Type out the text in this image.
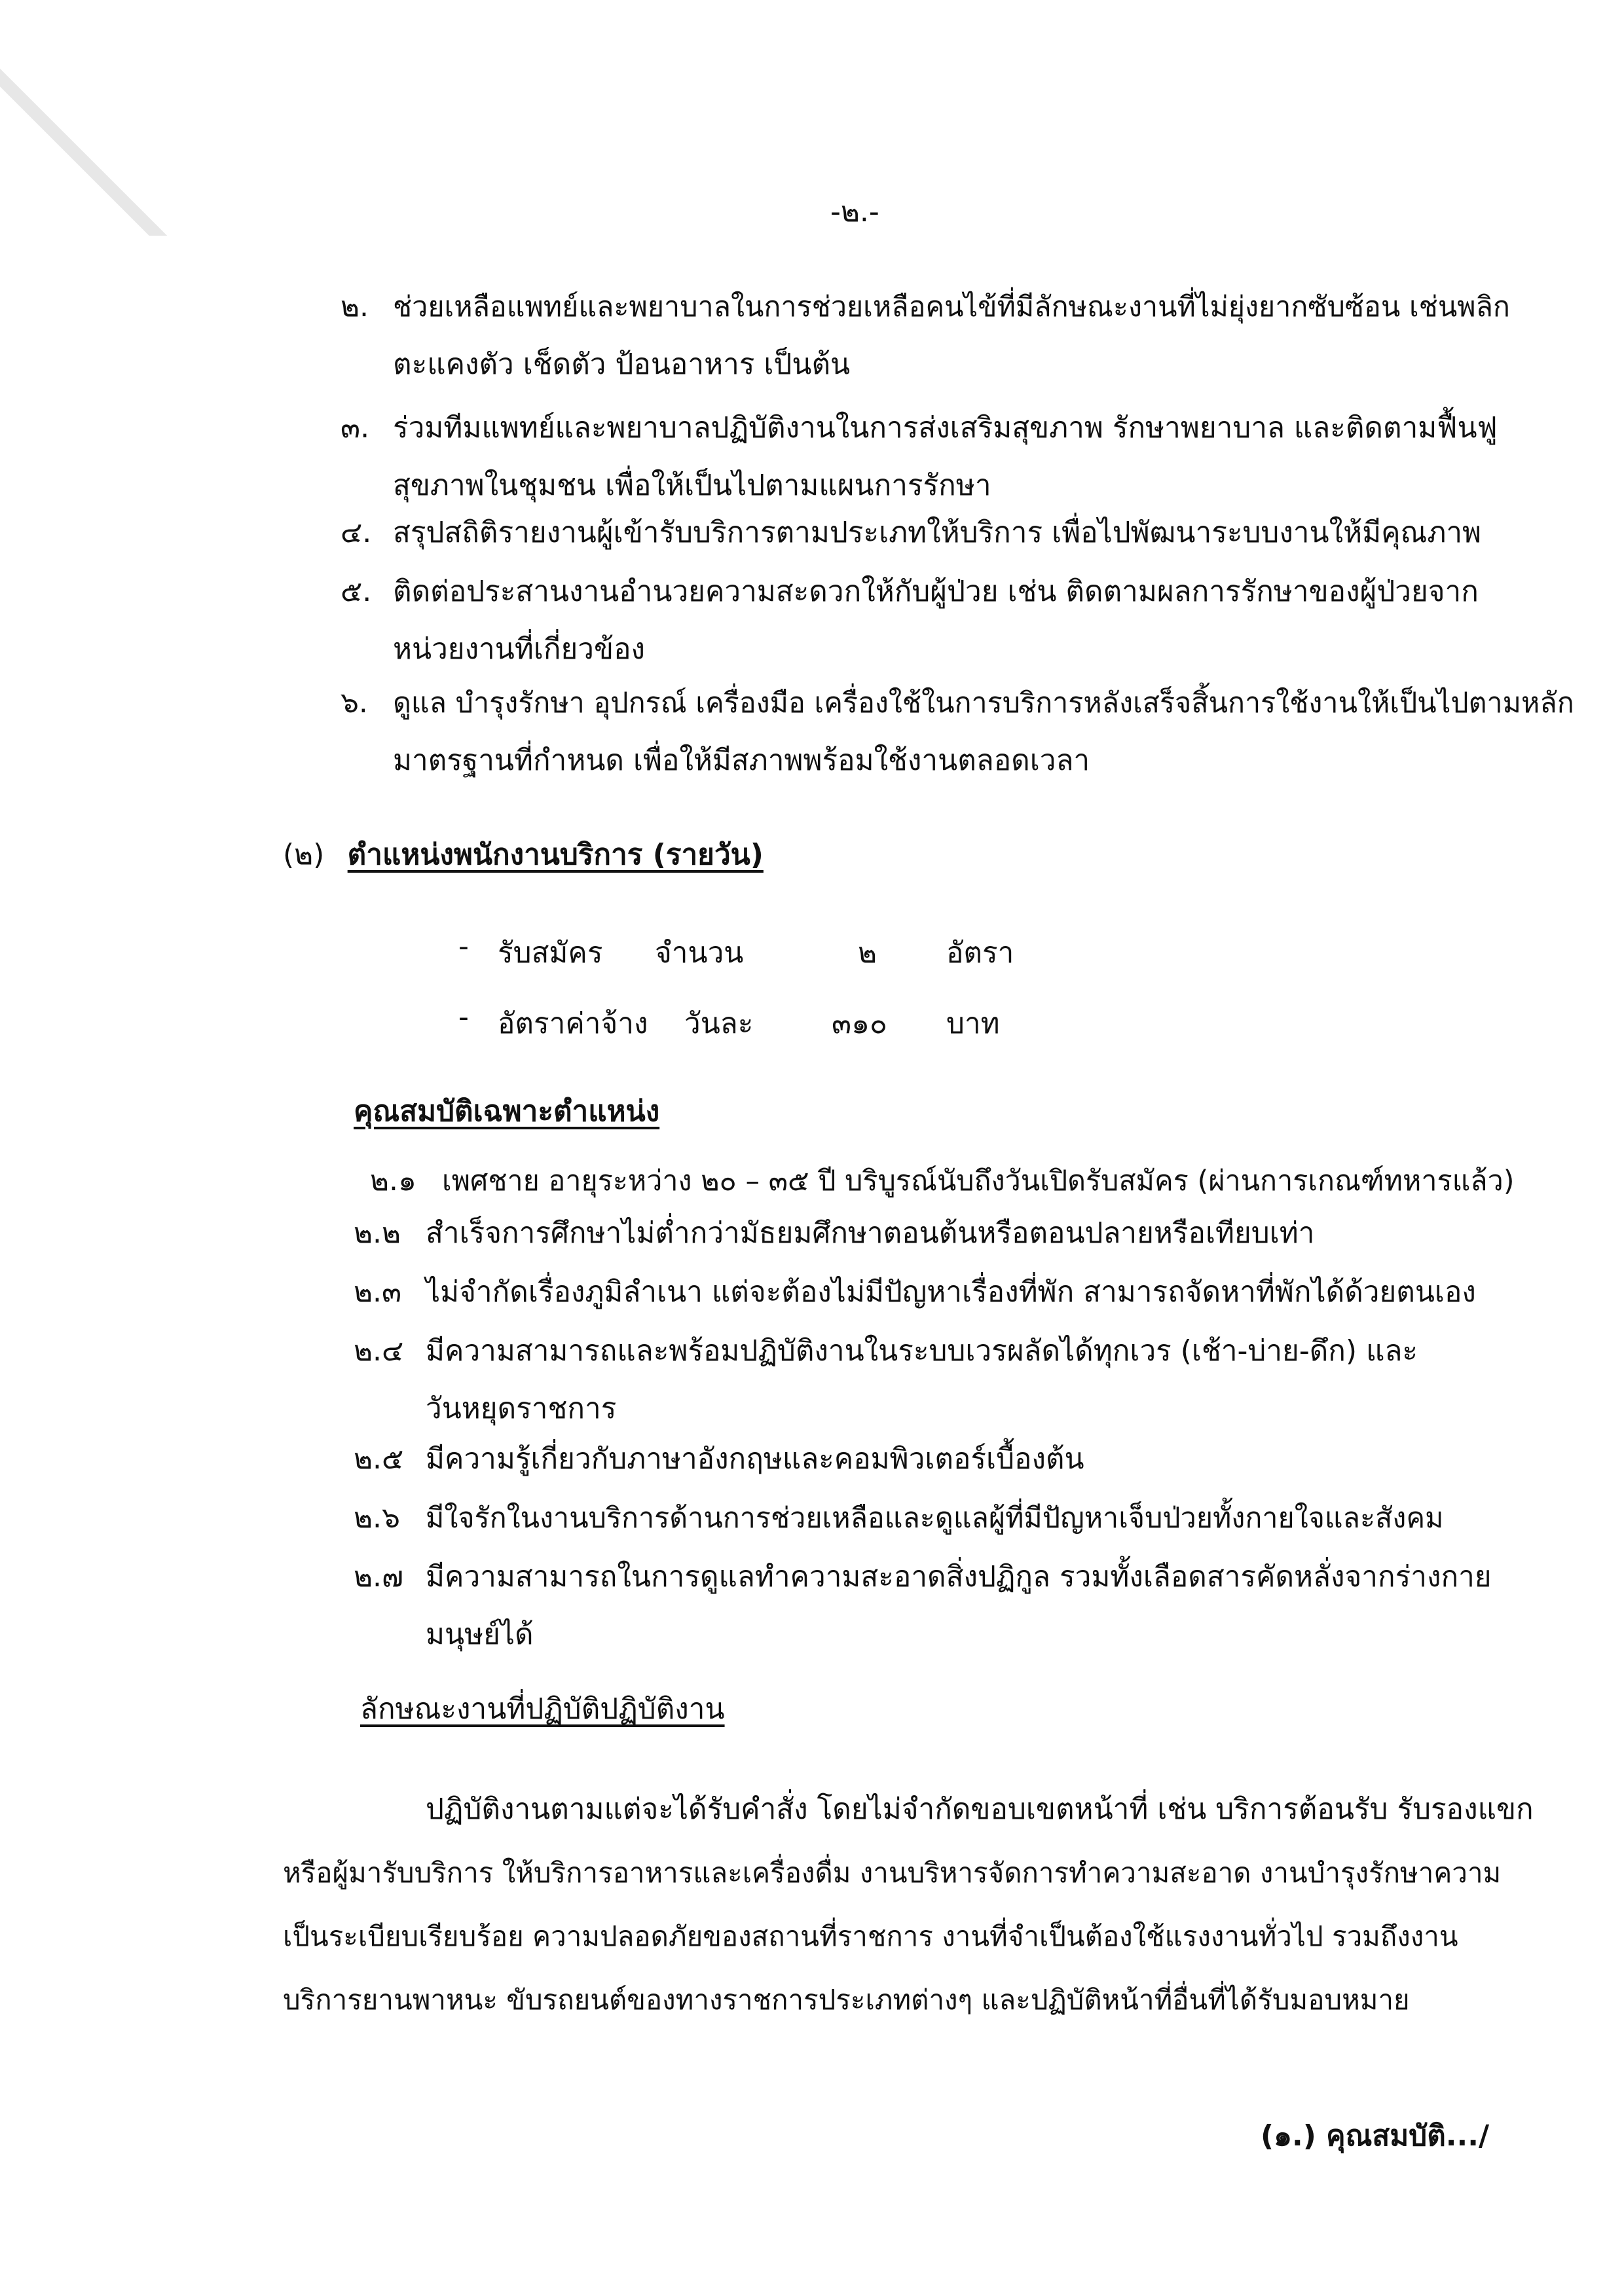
-๒.-
๒. ช่วยเหลือแพทย์และพยาบาลในการช่วยเหลือคนไข้ที่มีลักษณะงานที่ไม่ยุ่งยากซับซ้อน เช่นพลิก
ตะแคงตัว เช็ดตัว ป้อนอาหาร เป็นต้น
๓. ร่วมทีมแพทย์และพยาบาลปฏิบัติงานในการส่งเสริมสุขภาพ รักษาพยาบาล และติดตามฟื้นฟู
สุขภาพในชุมชน เพื่อให้เป็นไปตามแผนการรักษา
๔. สรุปสถิติรายงานผู้เข้ารับบริการตามประเภทให้บริการ เพื่อไปพัฒนาระบบงานให้มีคุณภาพ
๕. ติดต่อประสานงานอำนวยความสะดวกให้กับผู้ป่วย เช่น ติดตามผลการรักษาของผู้ป่วยจาก
หน่วยงานที่เกี่ยวข้อง
๖. ดูแล บำรุงรักษา อุปกรณ์ เครื่องมือ เครื่องใช้ในการบริการหลังเสร็จสิ้นการใช้งานให้เป็นไปตามหลัก
มาตรฐานที่กำหนด เพื่อให้มีสภาพพร้อมใช้งานตลอดเวลา
(๒) ตำแหน่งพนักงานบริการ (รายวัน)
- รับสมัคร จำนวน	๒ อัตรา
- อัตราค่าจ้าง วันละ	๓๑๐ บาท
คุณสมบัติเฉพาะตำแหน่ง
๒.๑ เพศชาย อายุระหว่าง ๒๐ – ๓๕ ปี บริบูรณ์นับถึงวันเปิดรับสมัคร (ผ่านการเกณฑ์ทหารแล้ว)
๒.๒ สำเร็จการศึกษาไม่ต่ำกว่ามัธยมศึกษาตอนต้นหรือตอนปลายหรือเทียบเท่า
๒.๓ ไม่จำกัดเรื่องภูมิลำเนา แต่จะต้องไม่มีปัญหาเรื่องที่พัก สามารถจัดหาที่พักได้ด้วยตนเอง
๒.๔ มีความสามารถและพร้อมปฏิบัติงานในระบบเวรผลัดได้ทุกเวร (เช้า-บ่าย-ดึก) และ
วันหยุดราชการ
๒.๕ มีความรู้เกี่ยวกับภาษาอังกฤษและคอมพิวเตอร์เบื้องต้น
๒.๖ มีใจรักในงานบริการด้านการช่วยเหลือและดูแลผู้ที่มีปัญหาเจ็บป่วยทั้งกายใจและสังคม
๒.๗ มีความสามารถในการดูแลทำความสะอาดสิ่งปฏิกูล รวมทั้งเลือดสารคัดหลั่งจากร่างกาย
มนุษย์ได้
ลักษณะงานที่ปฏิบัติปฏิบัติงาน
ปฏิบัติงานตามแต่จะได้รับคำสั่ง โดยไม่จำกัดขอบเขตหน้าที่ เช่น บริการต้อนรับ รับรองแขก
หรือผู้มารับบริการ ให้บริการอาหารและเครื่องดื่ม งานบริหารจัดการทำความสะอาด งานบำรุงรักษาความ
เป็นระเบียบเรียบร้อย ความปลอดภัยของสถานที่ราชการ งานที่จำเป็นต้องใช้แรงงานทั่วไป รวมถึงงาน
บริการยานพาหนะ ขับรถยนต์ของทางราชการประเภทต่างๆ และปฏิบัติหน้าที่อื่นที่ได้รับมอบหมาย
(๑.) คุณสมบัติ.../
